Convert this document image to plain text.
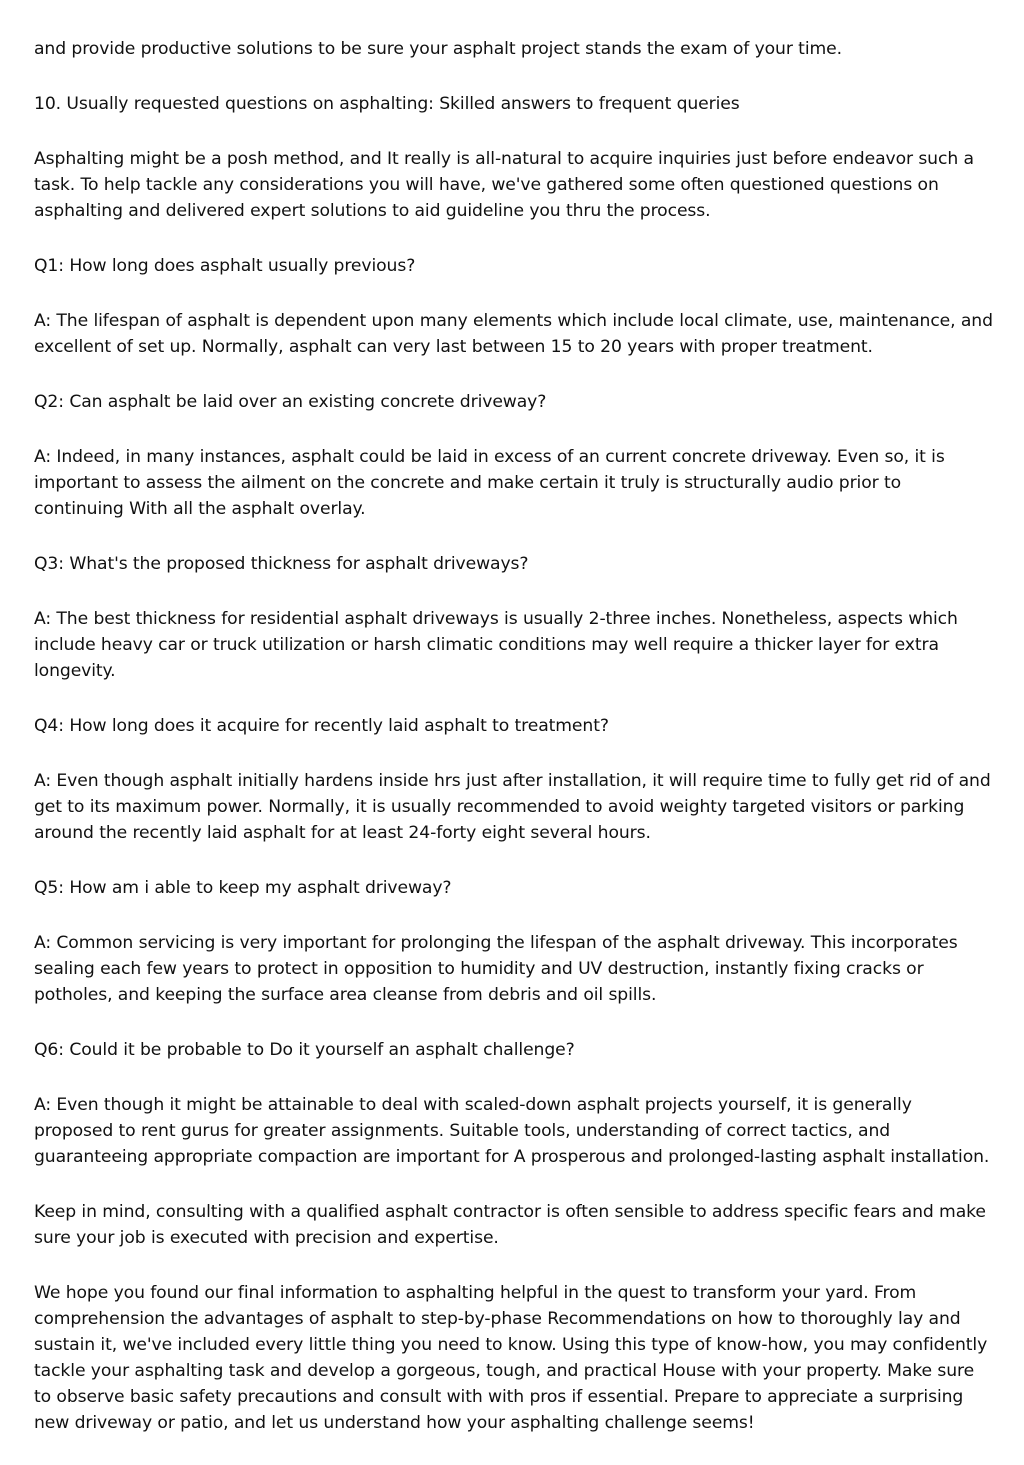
and provide productive solutions to be sure your asphalt project stands the exam of your time.

10. Usually requested questions on asphalting: Skilled answers to frequent queries

Asphalting might be a posh method, and It really is all-natural to acquire inquiries just before endeavor such a task. To help tackle any considerations you will have, we've gathered some often questioned questions on asphalting and delivered expert solutions to aid guideline you thru the process.

Q1: How long does asphalt usually previous?

A: The lifespan of asphalt is dependent upon many elements which include local climate, use, maintenance, and excellent of set up. Normally, asphalt can very last between 15 to 20 years with proper treatment.

Q2: Can asphalt be laid over an existing concrete driveway?

A: Indeed, in many instances, asphalt could be laid in excess of an current concrete driveway. Even so, it is important to assess the ailment on the concrete and make certain it truly is structurally audio prior to continuing With all the asphalt overlay.

Q3: What's the proposed thickness for asphalt driveways?

A: The best thickness for residential asphalt driveways is usually 2-three inches. Nonetheless, aspects which include heavy car or truck utilization or harsh climatic conditions may well require a thicker layer for extra longevity.

Q4: How long does it acquire for recently laid asphalt to treatment?

A: Even though asphalt initially hardens inside hrs just after installation, it will require time to fully get rid of and get to its maximum power. Normally, it is usually recommended to avoid weighty targeted visitors or parking around the recently laid asphalt for at least 24-forty eight several hours.

Q5: How am i able to keep my asphalt driveway?

A: Common servicing is very important for prolonging the lifespan of the asphalt driveway. This incorporates sealing each few years to protect in opposition to humidity and UV destruction, instantly fixing cracks or potholes, and keeping the surface area cleanse from debris and oil spills.

Q6: Could it be probable to Do it yourself an asphalt challenge?

A: Even though it might be attainable to deal with scaled-down asphalt projects yourself, it is generally proposed to rent gurus for greater assignments. Suitable tools, understanding of correct tactics, and guaranteeing appropriate compaction are important for A prosperous and prolonged-lasting asphalt installation.

Keep in mind, consulting with a qualified asphalt contractor is often sensible to address specific fears and make sure your job is executed with precision and expertise.

We hope you found our final information to asphalting helpful in the quest to transform your yard. From comprehension the advantages of asphalt to step-by-phase Recommendations on how to thoroughly lay and sustain it, we've included every little thing you need to know. Using this type of know-how, you may confidently tackle your asphalting task and develop a gorgeous, tough, and practical House with your property. Make sure to observe basic safety precautions and consult with with pros if essential. Prepare to appreciate a surprising new driveway or patio, and let us understand how your asphalting challenge seems!
